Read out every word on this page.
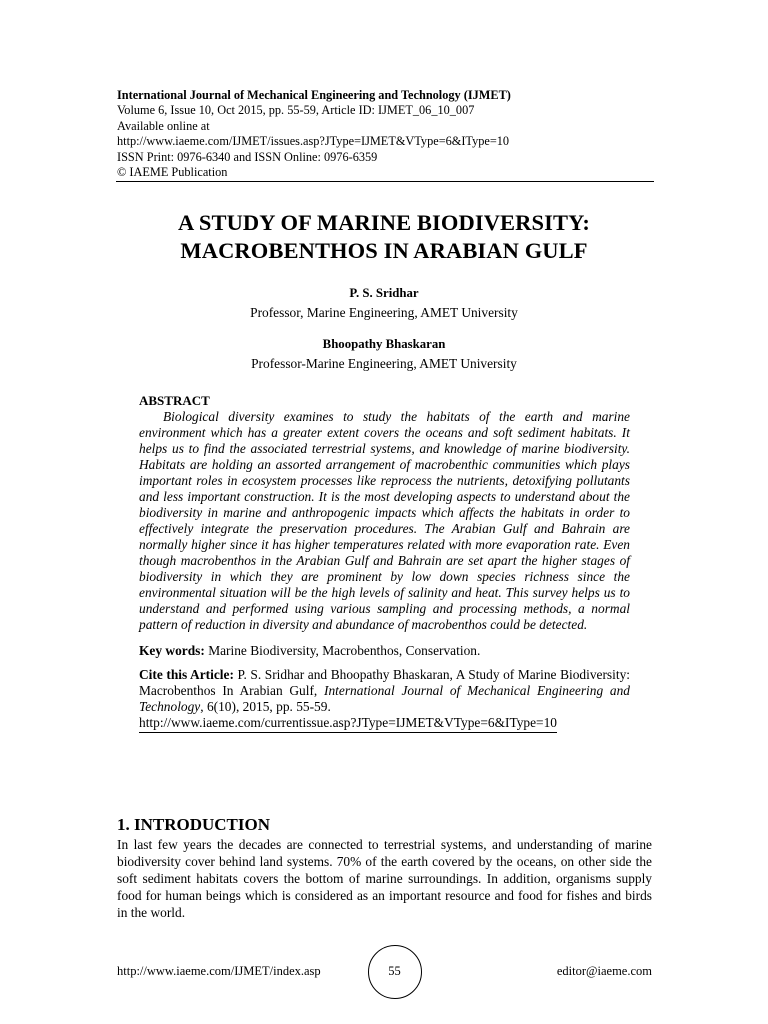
International Journal of Mechanical Engineering and Technology (IJMET)
Volume 6, Issue 10, Oct 2015, pp. 55-59, Article ID: IJMET_06_10_007
Available online at
http://www.iaeme.com/IJMET/issues.asp?JType=IJMET&VType=6&IType=10
ISSN Print: 0976-6340 and ISSN Online: 0976-6359
© IAEME Publication
A STUDY OF MARINE BIODIVERSITY:
MACROBENTHOS IN ARABIAN GULF
P. S. Sridhar
Professor, Marine Engineering, AMET University
Bhoopathy Bhaskaran
Professor-Marine Engineering, AMET University
ABSTRACT

Biological diversity examines to study the habitats of the earth and marine environment which has a greater extent covers the oceans and soft sediment habitats. It helps us to find the associated terrestrial systems, and knowledge of marine biodiversity. Habitats are holding an assorted arrangement of macrobenthic communities which plays important roles in ecosystem processes like reprocess the nutrients, detoxifying pollutants and less important construction. It is the most developing aspects to understand about the biodiversity in marine and anthropogenic impacts which affects the habitats in order to effectively integrate the preservation procedures. The Arabian Gulf and Bahrain are normally higher since it has higher temperatures related with more evaporation rate. Even though macrobenthos in the Arabian Gulf and Bahrain are set apart the higher stages of biodiversity in which they are prominent by low down species richness since the environmental situation will be the high levels of salinity and heat. This survey helps us to understand and performed using various sampling and processing methods, a normal pattern of reduction in diversity and abundance of macrobenthos could be detected.

Key words: Marine Biodiversity, Macrobenthos, Conservation.
Cite this Article: P. S. Sridhar and Bhoopathy Bhaskaran, A Study of Marine Biodiversity: Macrobenthos In Arabian Gulf, International Journal of Mechanical Engineering and Technology, 6(10), 2015, pp. 55-59.
http://www.iaeme.com/currentissue.asp?JType=IJMET&VType=6&IType=10
1. INTRODUCTION

In last few years the decades are connected to terrestrial systems, and understanding of marine biodiversity cover behind land systems. 70% of the earth covered by the oceans, on other side the soft sediment habitats covers the bottom of marine surroundings. In addition, organisms supply food for human beings which is considered as an important resource and food for fishes and birds in the world.

http://www.iaeme.com/IJMET/index.asp	55	editor@iaeme.com
